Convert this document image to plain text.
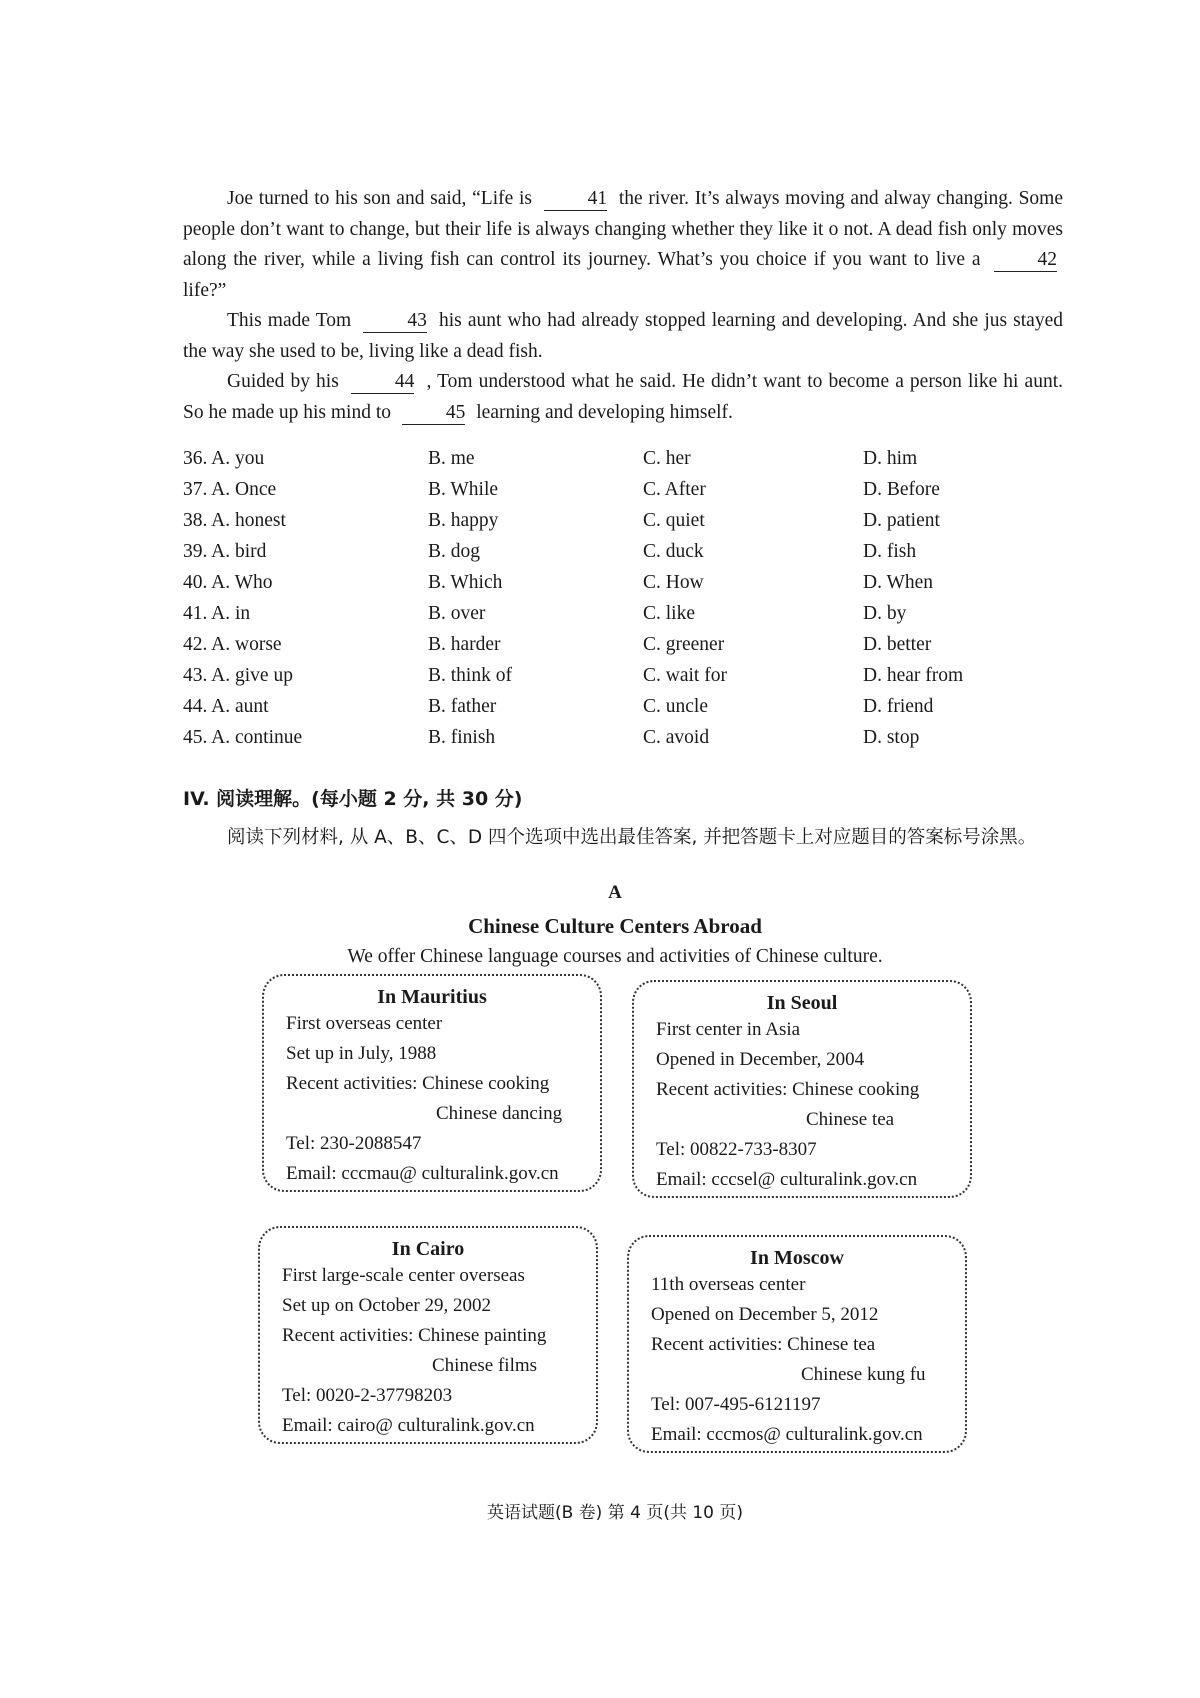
Joe turned to his son and said, “Life is	41 the river. It’s always moving and alway changing. Some people don’t want to change, but their life is always changing whether they like it o not. A dead fish only moves along the river, while a living fish can control its journey. What’s you choice if you want to live a	42 life?”
This made Tom	43 his aunt who had already stopped learning and developing. And she jus stayed the way she used to be, living like a dead fish.
Guided by his	44 , Tom understood what he said. He didn’t want to become a person like hi aunt. So he made up his mind to	45 learning and developing himself.
36. A. you	B. me	C. her	D. him
37. A. Once	B. While	C. After	D. Before
38. A. honest	B. happy	C. quiet	D. patient
39. A. bird	B. dog	C. duck	D. fish
40. A. Who	B. Which	C. How	D. When
41. A. in	B. over	C. like	D. by
42. A. worse	B. harder	C. greener	D. better
43. A. give up	B. think of	C. wait for	D. hear from
44. A. aunt	B. father	C. uncle	D. friend
45. A. continue	B. finish	C. avoid	D. stop
IV. 阅读理解。(每小题 2 分, 共 30 分)
阅读下列材料, 从 A、B、C、D 四个选项中选出最佳答案, 并把答题卡上对应题目的答案标号涂黑。
A
Chinese Culture Centers Abroad
We offer Chinese language courses and activities of Chinese culture.
In Mauritius
First overseas center
Set up in July, 1988
Recent activities: Chinese cooking
Chinese dancing
Tel: 230-2088547
Email: cccmau@ culturalink.gov.cn
In Seoul
First center in Asia
Opened in December, 2004
Recent activities: Chinese cooking
Chinese tea
Tel: 00822-733-8307
Email: cccsel@ culturalink.gov.cn
In Cairo
First large-scale center overseas
Set up on October 29, 2002
Recent activities: Chinese painting
Chinese films
Tel: 0020-2-37798203
Email: cairo@ culturalink.gov.cn
In Moscow
11th overseas center
Opened on December 5, 2012
Recent activities: Chinese tea
Chinese kung fu
Tel: 007-495-6121197
Email: cccmos@ culturalink.gov.cn
英语试题(B 卷) 第 4 页(共 10 页)
